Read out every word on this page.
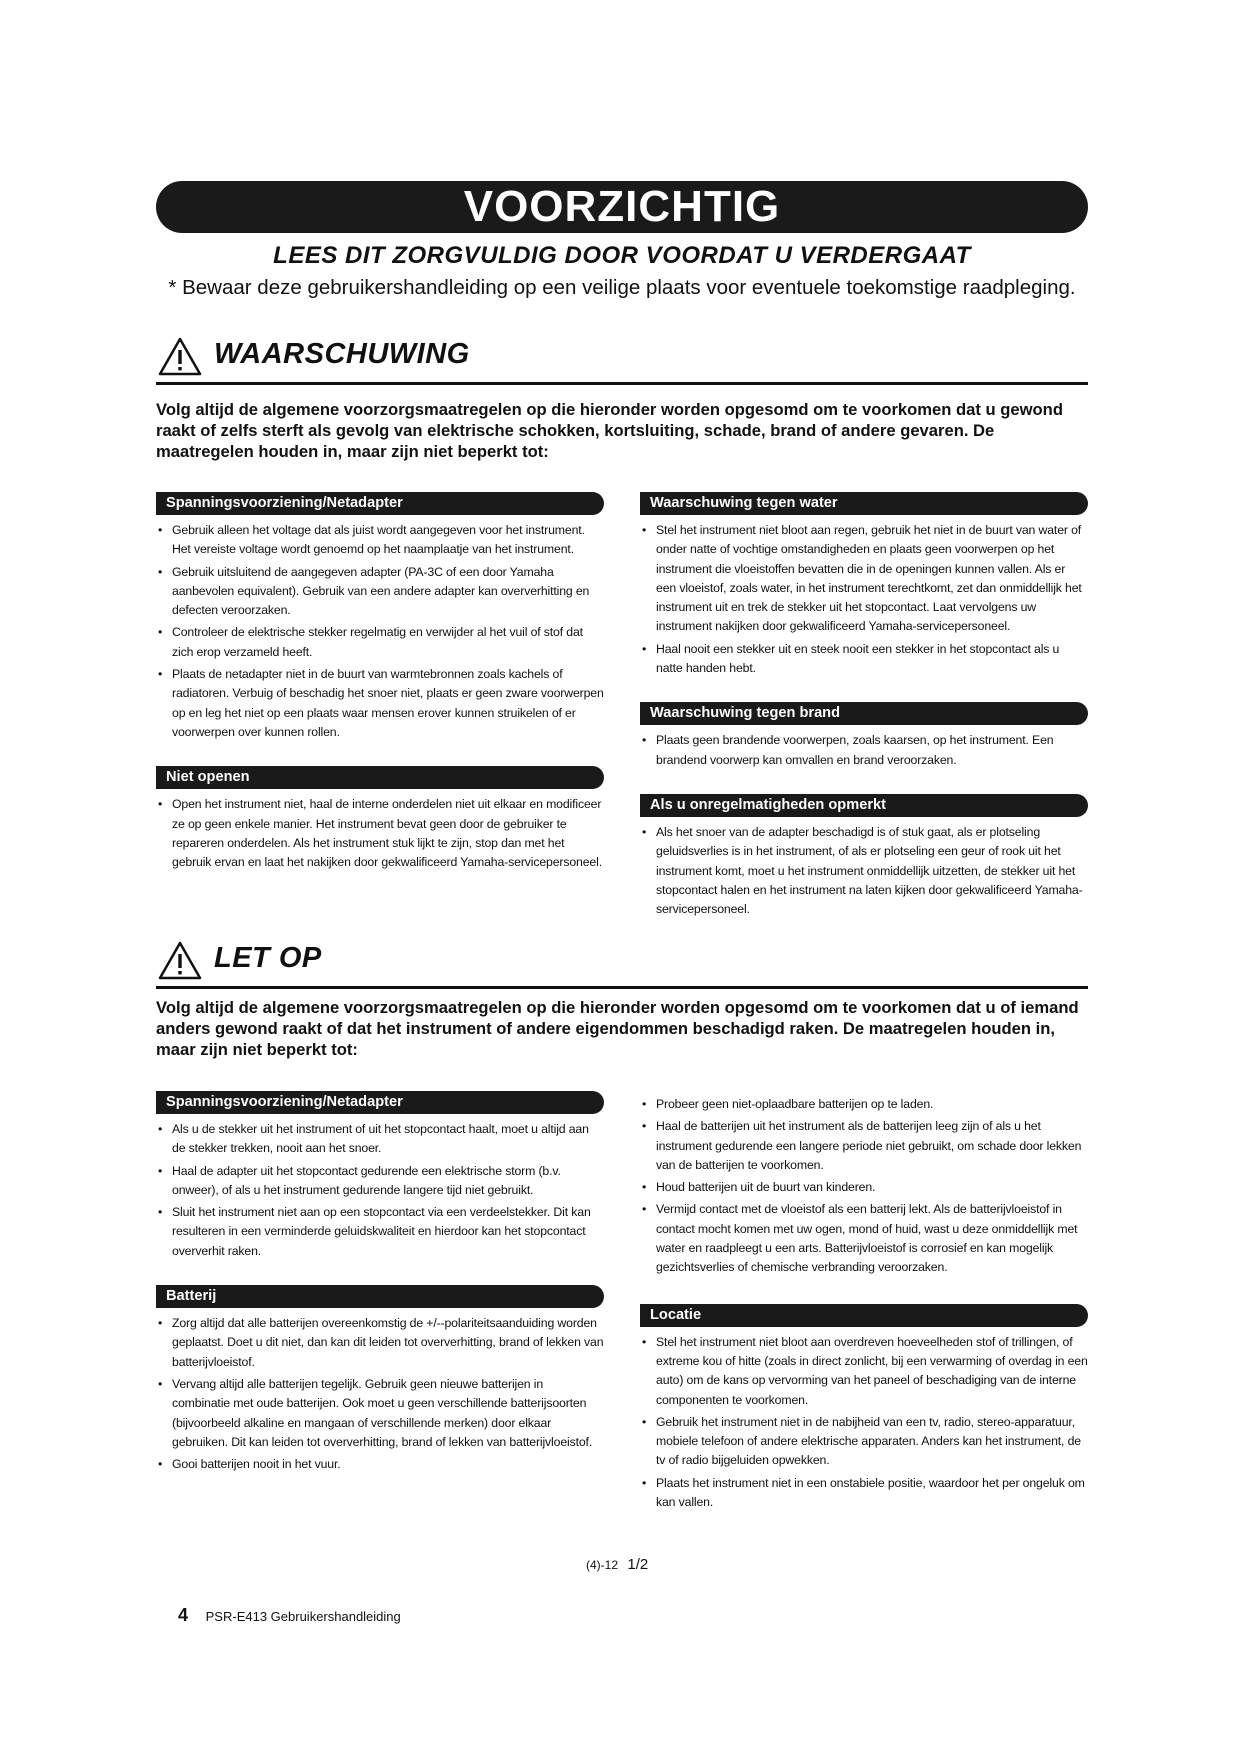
VOORZICHTIG
LEES DIT ZORGVULDIG DOOR VOORDAT U VERDERGAAT
* Bewaar deze gebruikershandleiding op een veilige plaats voor eventuele toekomstige raadpleging.
WAARSCHUWING
Volg altijd de algemene voorzorgsmaatregelen op die hieronder worden opgesomd om te voorkomen dat u gewond raakt of zelfs sterft als gevolg van elektrische schokken, kortsluiting, schade, brand of andere gevaren. De maatregelen houden in, maar zijn niet beperkt tot:
Spanningsvoorziening/Netadapter
• Gebruik alleen het voltage dat als juist wordt aangegeven voor het instrument. Het vereiste voltage wordt genoemd op het naamplaatje van het instrument.
• Gebruik uitsluitend de aangegeven adapter (PA-3C of een door Yamaha aanbevolen equivalent). Gebruik van een andere adapter kan oververhitting en defecten veroorzaken.
• Controleer de elektrische stekker regelmatig en verwijder al het vuil of stof dat zich erop verzameld heeft.
• Plaats de netadapter niet in de buurt van warmtebronnen zoals kachels of radiatoren. Verbuig of beschadig het snoer niet, plaats er geen zware voorwerpen op en leg het niet op een plaats waar mensen erover kunnen struikelen of er voorwerpen over kunnen rollen.
Niet openen
• Open het instrument niet, haal de interne onderdelen niet uit elkaar en modificeer ze op geen enkele manier. Het instrument bevat geen door de gebruiker te repareren onderdelen. Als het instrument stuk lijkt te zijn, stop dan met het gebruik ervan en laat het nakijken door gekwalificeerd Yamaha-servicepersoneel.
Waarschuwing tegen water
• Stel het instrument niet bloot aan regen, gebruik het niet in de buurt van water of onder natte of vochtige omstandigheden en plaats geen voorwerpen op het instrument die vloeistoffen bevatten die in de openingen kunnen vallen. Als er een vloeistof, zoals water, in het instrument terechtkomt, zet dan onmiddellijk het instrument uit en trek de stekker uit het stopcontact. Laat vervolgens uw instrument nakijken door gekwalificeerd Yamaha-servicepersoneel.
• Haal nooit een stekker uit en steek nooit een stekker in het stopcontact als u natte handen hebt.
Waarschuwing tegen brand
• Plaats geen brandende voorwerpen, zoals kaarsen, op het instrument. Een brandend voorwerp kan omvallen en brand veroorzaken.
Als u onregelmatigheden opmerkt
• Als het snoer van de adapter beschadigd is of stuk gaat, als er plotseling geluidsverlies is in het instrument, of als er plotseling een geur of rook uit het instrument komt, moet u het instrument onmiddellijk uitzetten, de stekker uit het stopcontact halen en het instrument na laten kijken door gekwalificeerd Yamaha-servicepersoneel.
LET OP
Volg altijd de algemene voorzorgsmaatregelen op die hieronder worden opgesomd om te voorkomen dat u of iemand anders gewond raakt of dat het instrument of andere eigendommen beschadigd raken. De maatregelen houden in, maar zijn niet beperkt tot:
Spanningsvoorziening/Netadapter
• Als u de stekker uit het instrument of uit het stopcontact haalt, moet u altijd aan de stekker trekken, nooit aan het snoer.
• Haal de adapter uit het stopcontact gedurende een elektrische storm (b.v. onweer), of als u het instrument gedurende langere tijd niet gebruikt.
• Sluit het instrument niet aan op een stopcontact via een verdeelstekker. Dit kan resulteren in een verminderde geluidskwaliteit en hierdoor kan het stopcontact oververhit raken.
Batterij
• Zorg altijd dat alle batterijen overeenkomstig de +/--polariteitsaanduiding worden geplaatst. Doet u dit niet, dan kan dit leiden tot oververhitting, brand of lekken van batterijvloeistof.
• Vervang altijd alle batterijen tegelijk. Gebruik geen nieuwe batterijen in combinatie met oude batterijen. Ook moet u geen verschillende batterijsoorten (bijvoorbeeld alkaline en mangaan of verschillende merken) door elkaar gebruiken. Dit kan leiden tot oververhitting, brand of lekken van batterijvloeistof.
• Gooi batterijen nooit in het vuur.
• Probeer geen niet-oplaadbare batterijen op te laden.
• Haal de batterijen uit het instrument als de batterijen leeg zijn of als u het instrument gedurende een langere periode niet gebruikt, om schade door lekken van de batterijen te voorkomen.
• Houd batterijen uit de buurt van kinderen.
• Vermijd contact met de vloeistof als een batterij lekt. Als de batterijvloeistof in contact mocht komen met uw ogen, mond of huid, wast u deze onmiddellijk met water en raadpleegt u een arts. Batterijvloeistof is corrosief en kan mogelijk gezichtsverlies of chemische verbranding veroorzaken.
Locatie
• Stel het instrument niet bloot aan overdreven hoeveelheden stof of trillingen, of extreme kou of hitte (zoals in direct zonlicht, bij een verwarming of overdag in een auto) om de kans op vervorming van het paneel of beschadiging van de interne componenten te voorkomen.
• Gebruik het instrument niet in de nabijheid van een tv, radio, stereo-apparatuur, mobiele telefoon of andere elektrische apparaten. Anders kan het instrument, de tv of radio bijgeluiden opwekken.
• Plaats het instrument niet in een onstabiele positie, waardoor het per ongeluk om kan vallen.
(4)-12 1/2
4 PSR-E413 Gebruikershandleiding
